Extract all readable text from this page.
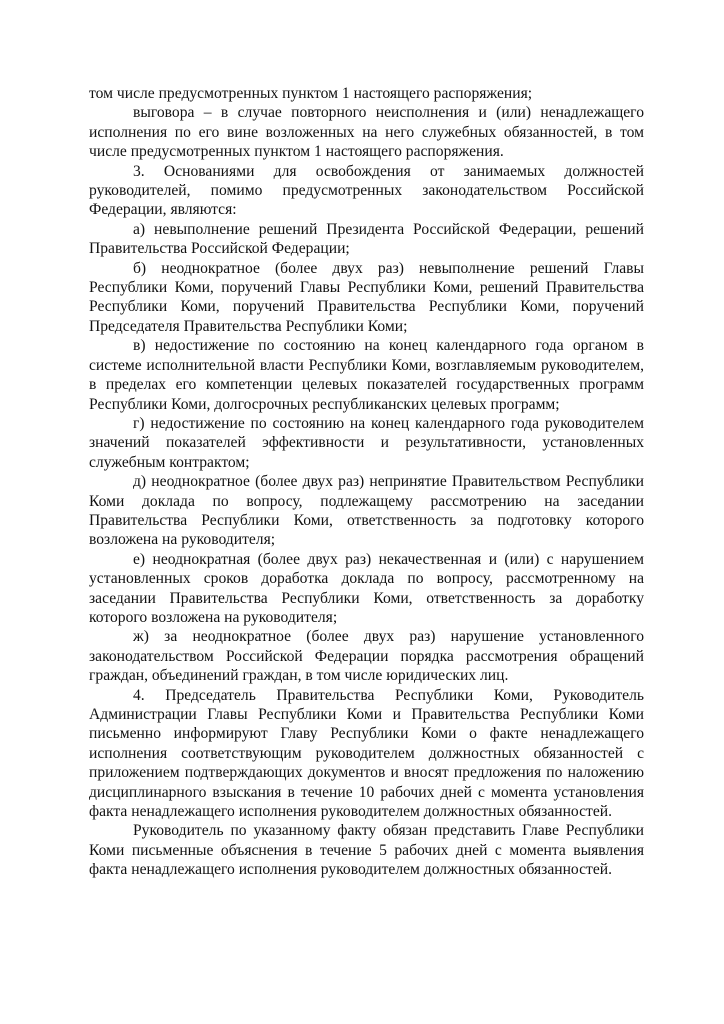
том числе предусмотренных пунктом 1 настоящего распоряжения;

выговора – в случае повторного неисполнения и (или) ненадлежащего исполнения по его вине возложенных на него служебных обязанностей, в том числе предусмотренных пунктом 1 настоящего распоряжения.

3. Основаниями для освобождения от занимаемых должностей руководителей, помимо предусмотренных законодательством Российской Федерации, являются:

а) невыполнение решений Президента Российской Федерации, решений Правительства Российской Федерации;

б) неоднократное (более двух раз) невыполнение решений Главы Республики Коми, поручений Главы Республики Коми, решений Правительства Республики Коми, поручений Правительства Республики Коми, поручений Председателя Правительства Республики Коми;

в) недостижение по состоянию на конец календарного года органом в системе исполнительной власти Республики Коми, возглавляемым руководителем, в пределах его компетенции целевых показателей государственных программ Республики Коми, долгосрочных республиканских целевых программ;

г) недостижение по состоянию на конец календарного года руководителем значений показателей эффективности и результативности, установленных служебным контрактом;

д) неоднократное (более двух раз) непринятие Правительством Республики Коми доклада по вопросу, подлежащему рассмотрению на заседании Правительства Республики Коми, ответственность за подготовку которого возложена на руководителя;

е) неоднократная (более двух раз) некачественная и (или) с нарушением установленных сроков доработка доклада по вопросу, рассмотренному на заседании Правительства Республики Коми, ответственность за доработку которого возложена на руководителя;

ж) за неоднократное (более двух раз) нарушение установленного законодательством Российской Федерации порядка рассмотрения обращений граждан, объединений граждан, в том числе юридических лиц.

4. Председатель Правительства Республики Коми, Руководитель Администрации Главы Республики Коми и Правительства Республики Коми письменно информируют Главу Республики Коми о факте ненадлежащего исполнения соответствующим руководителем должностных обязанностей с приложением подтверждающих документов и вносят предложения по наложению дисциплинарного взыскания в течение 10 рабочих дней с момента установления факта ненадлежащего исполнения руководителем должностных обязанностей.

Руководитель по указанному факту обязан представить Главе Республики Коми письменные объяснения в течение 5 рабочих дней с момента выявления факта ненадлежащего исполнения руководителем должностных обязанностей.
